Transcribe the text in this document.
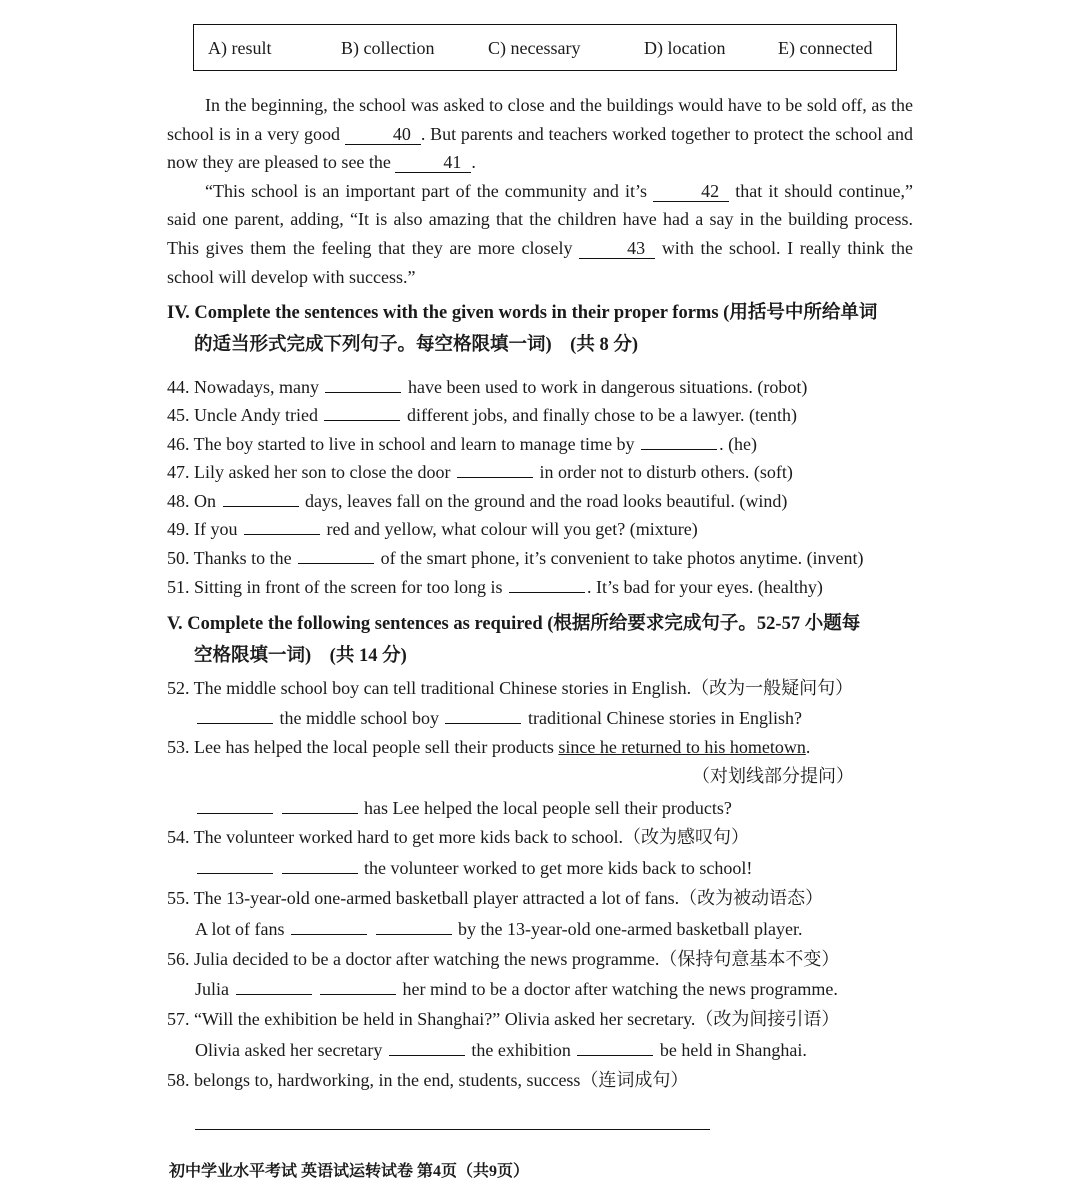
A) result	B) collection	C) necessary	D) location	E) connected

In the beginning, the school was asked to close and the buildings would have to be sold off, as the school is in a very good	40 . But parents and teachers worked together to protect the school and now they are pleased to see the	41 .

“This school is an important part of the community and it’s	42 that it should continue,” said one parent, adding, “It is also amazing that the children have had a say in the building process. This gives them the feeling that they are more closely	43 with the school. I really think the school will develop with success.”

IV. Complete the sentences with the given words in their proper forms (用括号中所给单词
的适当形式完成下列句子。每空格限填一词)　(共 8 分)
44. Nowadays, many	have been used to work in dangerous situations. (robot)
45. Uncle Andy tried	different jobs, and finally chose to be a lawyer. (tenth)
46. The boy started to live in school and learn to manage time by	. (he)
47. Lily asked her son to close the door	in order not to disturb others. (soft)
48. On	days, leaves fall on the ground and the road looks beautiful. (wind)
49. If you	red and yellow, what colour will you get? (mixture)
50. Thanks to the	of the smart phone, it’s convenient to take photos anytime. (invent)
51. Sitting in front of the screen for too long is	. It’s bad for your eyes. (healthy)
V. Complete the following sentences as required (根据所给要求完成句子。52-57 小题每
空格限填一词)　(共 14 分)
52. The middle school boy can tell traditional Chinese stories in English.（改为一般疑问句）
the middle school boy	traditional Chinese stories in English?
53. Lee has helped the local people sell their products since he returned to his hometown.
（对划线部分提问）
has Lee helped the local people sell their products?
54. The volunteer worked hard to get more kids back to school.（改为感叹句）
the volunteer worked to get more kids back to school!
55. The 13-year-old one-armed basketball player attracted a lot of fans.（改为被动语态）
A lot of fans	by the 13-year-old one-armed basketball player.
56. Julia decided to be a doctor after watching the news programme.（保持句意基本不变）
Julia	her mind to be a doctor after watching the news programme.
57. “Will the exhibition be held in Shanghai?” Olivia asked her secretary.（改为间接引语）
Olivia asked her secretary	the exhibition	be held in Shanghai.
58. belongs to, hardworking, in the end, students, success（连词成句）
初中学业水平考试 英语试运转试卷 第4页（共9页）
